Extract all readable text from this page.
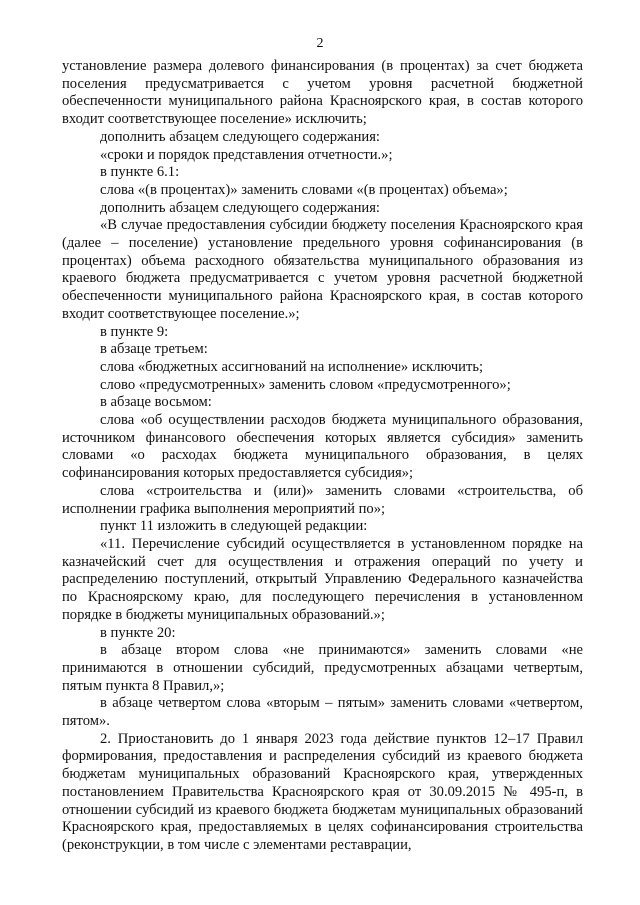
2

установление размера долевого финансирования (в процентах) за счет бюджета поселения предусматривается с учетом уровня расчетной бюджетной обеспеченности муниципального района Красноярского края, в состав которого входит соответствующее поселение» исключить;

дополнить абзацем следующего содержания:

«сроки и порядок представления отчетности.»;

в пункте 6.1:

слова «(в процентах)» заменить словами «(в процентах) объема»;

дополнить абзацем следующего содержания:

«В случае предоставления субсидии бюджету поселения Красноярского края (далее – поселение) установление предельного уровня софинансирования (в процентах) объема расходного обязательства муниципального образования из краевого бюджета предусматривается с учетом уровня расчетной бюджетной обеспеченности муниципального района Красноярского края, в состав которого входит соответствующее поселение.»;

в пункте 9:

в абзаце третьем:

слова «бюджетных ассигнований на исполнение» исключить;

слово «предусмотренных» заменить словом «предусмотренного»;

в абзаце восьмом:

слова «об осуществлении расходов бюджета муниципального образования, источником финансового обеспечения которых является субсидия» заменить словами «о расходах бюджета муниципального образования, в целях софинансирования которых предоставляется субсидия»;

слова «строительства и (или)» заменить словами «строительства, об исполнении графика выполнения мероприятий по»;

пункт 11 изложить в следующей редакции:

«11. Перечисление субсидий осуществляется в установленном порядке на казначейский счет для осуществления и отражения операций по учету и распределению поступлений, открытый Управлению Федерального казначейства по Красноярскому краю, для последующего перечисления в установленном порядке в бюджеты муниципальных образований.»;

в пункте 20:

в абзаце втором слова «не принимаются» заменить словами «не принимаются в отношении субсидий, предусмотренных абзацами четвертым, пятым пункта 8 Правил,»;

в абзаце четвертом слова «вторым – пятым» заменить словами «четвертом, пятом».

2. Приостановить до 1 января 2023 года действие пунктов 12–17 Правил формирования, предоставления и распределения субсидий из краевого бюджета бюджетам муниципальных образований Красноярского края, утвержденных постановлением Правительства Красноярского края от 30.09.2015 № 495-п, в отношении субсидий из краевого бюджета бюджетам муниципальных образований Красноярского края, предоставляемых в целях софинансирования строительства (реконструкции, в том числе с элементами реставрации,
